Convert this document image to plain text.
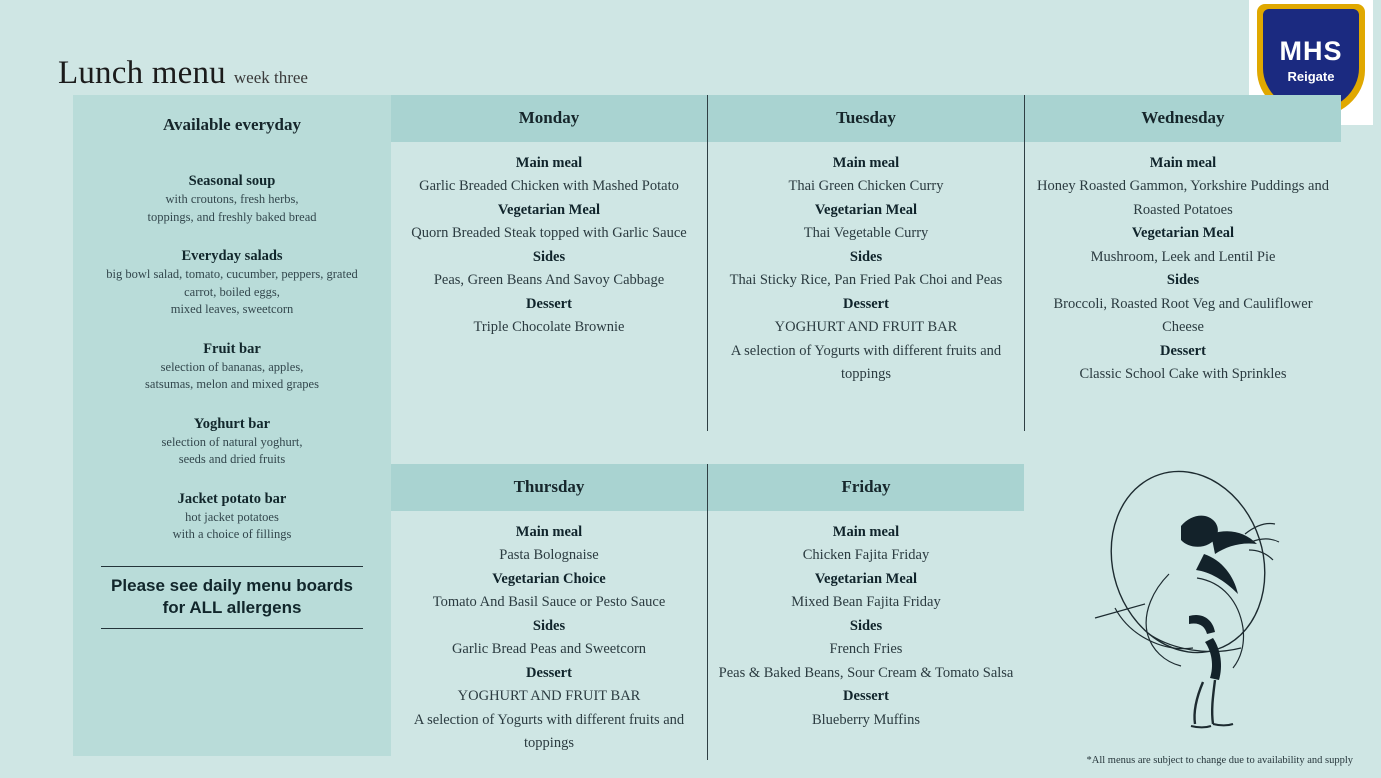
Lunch menu week three
MHS
Reigate
Available everyday
Seasonal soup
with croutons, fresh herbs,
toppings, and freshly baked bread
Everyday salads
big bowl salad, tomato, cucumber, peppers, grated
carrot, boiled eggs,
mixed leaves, sweetcorn
Fruit bar
selection of bananas, apples,
satsumas, melon and mixed grapes
Yoghurt bar
selection of natural yoghurt,
seeds and dried fruits
Jacket potato bar
hot jacket potatoes
with a choice of fillings
Please see daily menu boards
for ALL allergens
Monday
Main meal
Garlic Breaded Chicken with Mashed Potato
Vegetarian Meal
Quorn Breaded Steak topped with Garlic Sauce
Sides
Peas, Green Beans And Savoy Cabbage
Dessert
Triple Chocolate Brownie
Tuesday
Main meal
Thai Green Chicken Curry
Vegetarian Meal
Thai Vegetable Curry
Sides
Thai Sticky Rice, Pan Fried Pak Choi and Peas
Dessert
YOGHURT AND FRUIT BAR
A selection of Yogurts with different fruits and toppings
Wednesday
Main meal
Honey Roasted Gammon, Yorkshire Puddings and Roasted Potatoes
Vegetarian Meal
Mushroom, Leek and Lentil Pie
Sides
Broccoli, Roasted Root Veg and Cauliflower Cheese
Dessert
Classic School Cake with Sprinkles
Thursday
Main meal
Pasta Bolognaise
Vegetarian Choice
Tomato And Basil Sauce or Pesto Sauce
Sides
Garlic Bread Peas and Sweetcorn
Dessert
YOGHURT AND FRUIT BAR
A selection of Yogurts with different fruits and toppings
Friday
Main meal
Chicken Fajita Friday
Vegetarian Meal
Mixed Bean Fajita Friday
Sides
French Fries
Peas & Baked Beans, Sour Cream & Tomato Salsa
Dessert
Blueberry Muffins
*All menus are subject to change due to availability and supply
